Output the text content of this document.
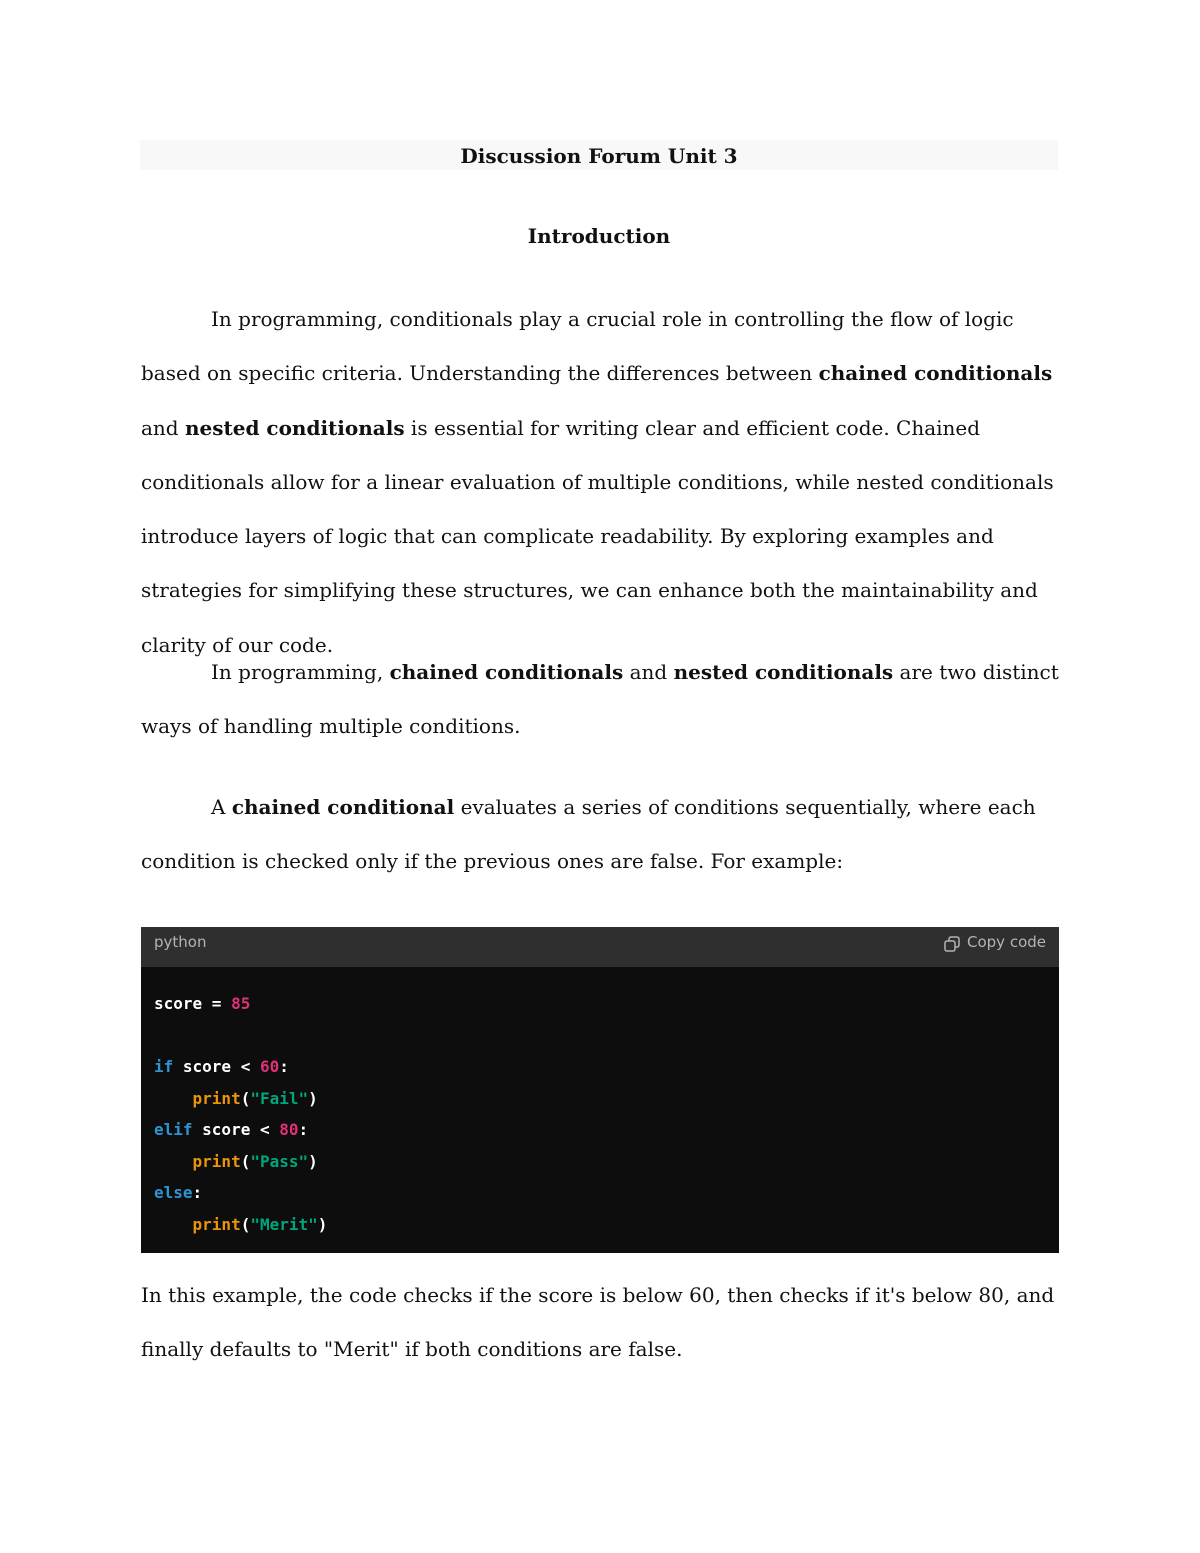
Discussion Forum Unit 3
Introduction

In programming, conditionals play a crucial role in controlling the flow of logic based on specific criteria. Understanding the differences between chained conditionals and nested conditionals is essential for writing clear and efficient code. Chained conditionals allow for a linear evaluation of multiple conditions, while nested conditionals introduce layers of logic that can complicate readability. By exploring examples and strategies for simplifying these structures, we can enhance both the maintainability and clarity of our code.

In programming, chained conditionals and nested conditionals are two distinct ways of handling multiple conditions.

A chained conditional evaluates a series of conditions sequentially, where each condition is checked only if the previous ones are false. For example:

python	Copy code
score = 85
if score < 60:
print("Fail")
elif score < 80:
print("Pass")
else:
print("Merit")

In this example, the code checks if the score is below 60, then checks if it's below 80, and finally defaults to "Merit" if both conditions are false.
